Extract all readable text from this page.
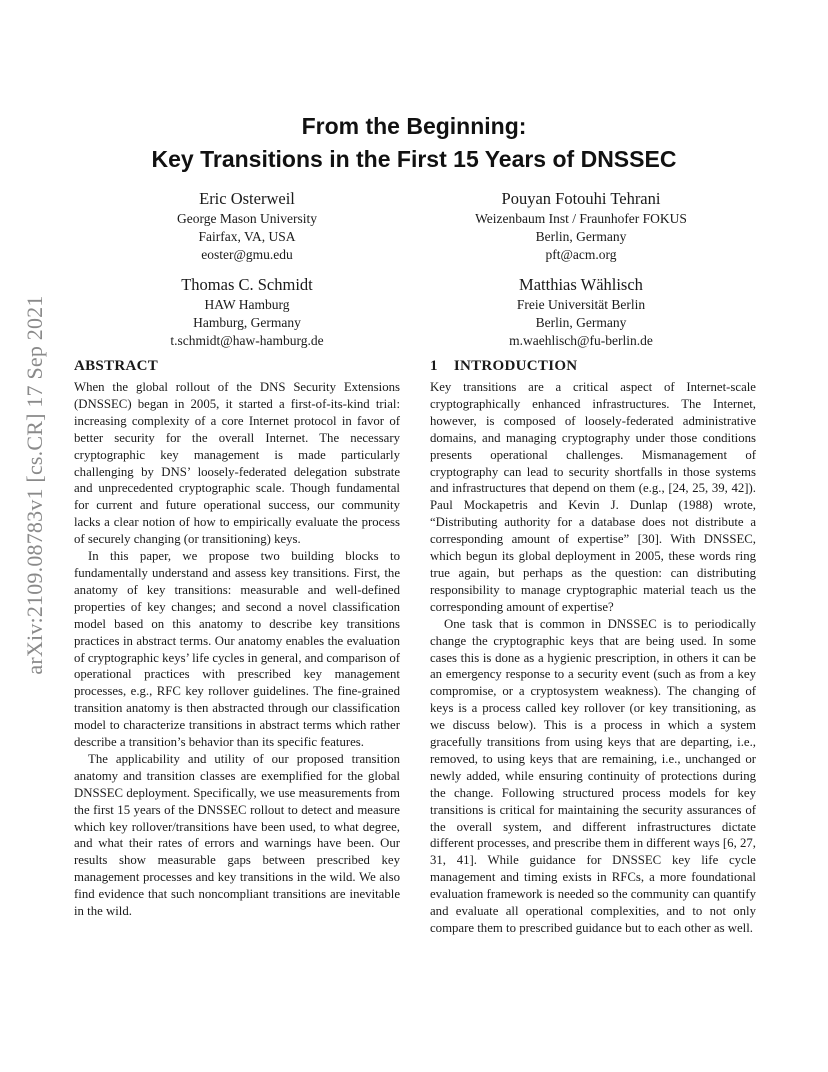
arXiv:2109.08783v1 [cs.CR] 17 Sep 2021
From the Beginning:
Key Transitions in the First 15 Years of DNSSEC
Eric Osterweil
George Mason University
Fairfax, VA, USA
eoster@gmu.edu
Pouyan Fotouhi Tehrani
Weizenbaum Inst / Fraunhofer FOKUS
Berlin, Germany
pft@acm.org
Thomas C. Schmidt
HAW Hamburg
Hamburg, Germany
t.schmidt@haw-hamburg.de
Matthias Wählisch
Freie Universität Berlin
Berlin, Germany
m.waehlisch@fu-berlin.de
ABSTRACT	1 INTRODUCTION

When the global rollout of the DNS Security Extensions (DNSSEC) began in 2005, it started a first-of-its-kind trial: increasing complexity of a core Internet protocol in favor of better security for the overall Internet. The necessary cryptographic key management is made particularly challenging by DNS’ loosely-federated delegation substrate and unprecedented cryptographic scale. Though fundamental for current and future operational success, our community lacks a clear notion of how to empirically evaluate the process of securely changing (or transitioning) keys.

In this paper, we propose two building blocks to fundamentally understand and assess key transitions. First, the anatomy of key transitions: measurable and well-defined properties of key changes; and second a novel classification model based on this anatomy to describe key transitions practices in abstract terms. Our anatomy enables the evaluation of cryptographic keys’ life cycles in general, and comparison of operational practices with prescribed key management processes, e.g., RFC key rollover guidelines. The fine-grained transition anatomy is then abstracted through our classification model to characterize transitions in abstract terms which rather describe a transition’s behavior than its specific features.

The applicability and utility of our proposed transition anatomy and transition classes are exemplified for the global DNSSEC deployment. Specifically, we use measurements from the first 15 years of the DNSSEC rollout to detect and measure which key rollover/transitions have been used, to what degree, and what their rates of errors and warnings have been. Our results show measurable gaps between prescribed key management processes and key transitions in the wild. We also find evidence that such noncompliant transitions are inevitable in the wild.

Key transitions are a critical aspect of Internet-scale cryptographically enhanced infrastructures. The Internet, however, is composed of loosely-federated administrative domains, and managing cryptography under those conditions presents operational challenges. Mismanagement of cryptography can lead to security shortfalls in those systems and infrastructures that depend on them (e.g., [24, 25, 39, 42]). Paul Mockapetris and Kevin J. Dunlap (1988) wrote, “Distributing authority for a database does not distribute a corresponding amount of expertise” [30]. With DNSSEC, which begun its global deployment in 2005, these words ring true again, but perhaps as the question: can distributing responsibility to manage cryptographic material teach us the corresponding amount of expertise?

One task that is common in DNSSEC is to periodically change the cryptographic keys that are being used. In some cases this is done as a hygienic prescription, in others it can be an emergency response to a security event (such as from a key compromise, or a cryptosystem weakness). The changing of keys is a process called key rollover (or key transitioning, as we discuss below). This is a process in which a system gracefully transitions from using keys that are departing, i.e., removed, to using keys that are remaining, i.e., unchanged or newly added, while ensuring continuity of protections during the change. Following structured process models for key transitions is critical for maintaining the security assurances of the overall system, and different infrastructures dictate different processes, and prescribe them in different ways [6, 27, 31, 41]. While guidance for DNSSEC key life cycle management and timing exists in RFCs, a more foundational evaluation framework is needed so the community can quantify and evaluate all operational complexities, and to not only compare them to prescribed guidance but to each other as well.
